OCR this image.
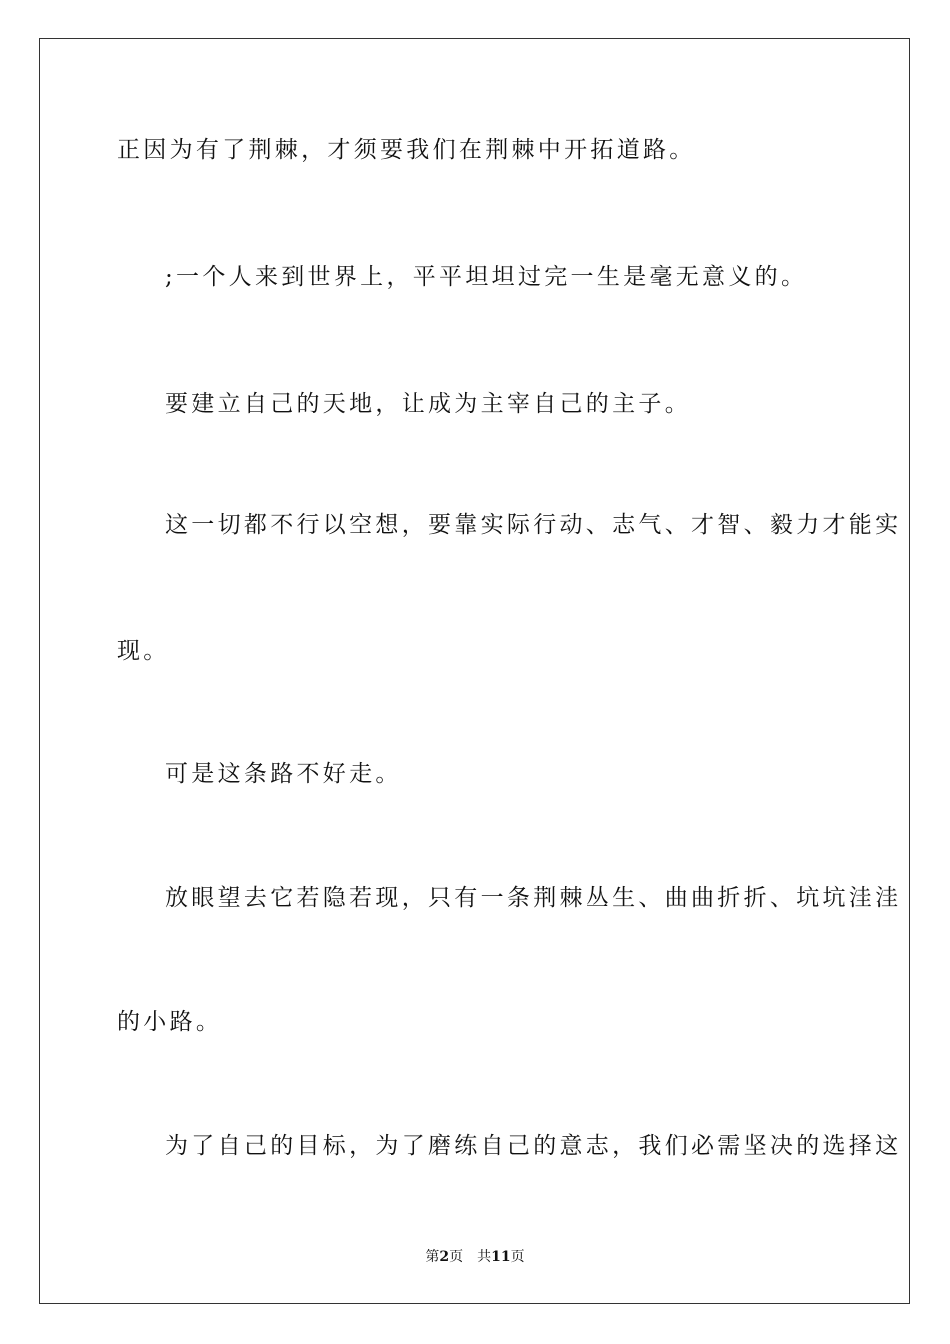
正因为有了荆棘，才须要我们在荆棘中开拓道路。

;一个人来到世界上，平平坦坦过完一生是毫无意义的。

要建立自己的天地，让成为主宰自己的主子。

这一切都不行以空想，要靠实际行动、志气、才智、毅力才能实

现。

可是这条路不好走。

放眼望去它若隐若现，只有一条荆棘丛生、曲曲折折、坑坑洼洼

的小路。

为了自己的目标，为了磨练自己的意志，我们必需坚决的选择这

第2页 共11页
